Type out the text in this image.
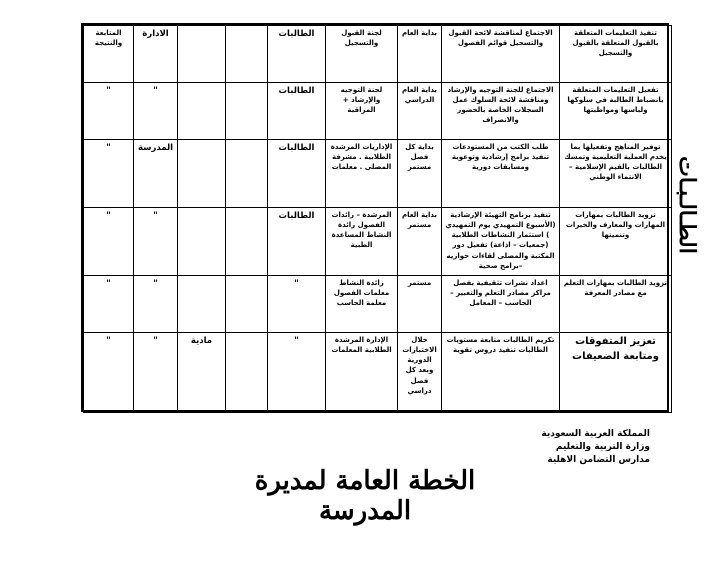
المتابعة والنتيجة	الادارة			الطالبات	لجنة القبول والتسجيل	بداية العام	الاجتماع لمناقشة لائحة القبول والتسجيل قوائم الفصول	تنفيذ التعليمات المتعلقة بالقبول المتعلقة بالقبول والتسجيل
"	"			الطالبات	لجنة التوجيه والإرشاد + المراقبة	بداية العام الدراسي	الاجتماع للجنة التوجيه والإرشاد ومناقشة لائحة السلوك عمل السجلات الخاصة بالحضور والانصراف	تفعيل التعليمات المتعلقة بانضباط الطالبة في سلوكها ولباسها ومواظبتها
"	المدرسة			الطالبات	الإداريات المرشدة الطلابية . مشرفة المصلى . معلمات	بداية كل فصل مستمر	طلب الكتب من المستودعات تنفيذ برامج إرشادية وتوعوية ومسابقات دورية	توفير المناهج وتفعيلها بما يخدم العملية التعليمية وتمسك الطالبات بالقيم الإسلامية – الانتماء الوطني
"	"			الطالبات	المرشدة – رائدات الفصول رائدة النشاط المساعدة الطبية	بداية العام مستمر	تنفيذ برنامج التهيئة الإرشادية (الأسبوع التمهيدي يوم التمهيدي ) استثمار النشاطات الطلابية (جمعيات – اذاعة) تفعيل دور المكتبة والمصلى لقاءات حواريه –برامج صحية	تزويد الطالبات بمهارات المهارات والمعارف والخبرات وتنميتها
"	"			"	رائدة النشاط معلمات الفصول معلمة الحاسب	مستمر	اعداد نشرات تثقيفية بفصل مراكز مصادر التعلم والتعبير –الحاسب – المعامل	تزويد الطالبات بمهارات التعلم مع مصادر المعرفة
"	"	مادية		"	الإدارة المرشدة الطلابية المعلمات	خلال الاختبارات الدورية وبعد كل فصل دراسي	تكريم الطالبات متابعة مستويات الطالبات تنفيذ دروس تقوية	تعزيز المتفوقات ومتابعة الضعيفات
الطـالـبـات
المملكة العربية السعودية
وزارة التربية والتعليم
مدارس التضامن الاهلية
الخطة العامة لمديرة المدرسة
